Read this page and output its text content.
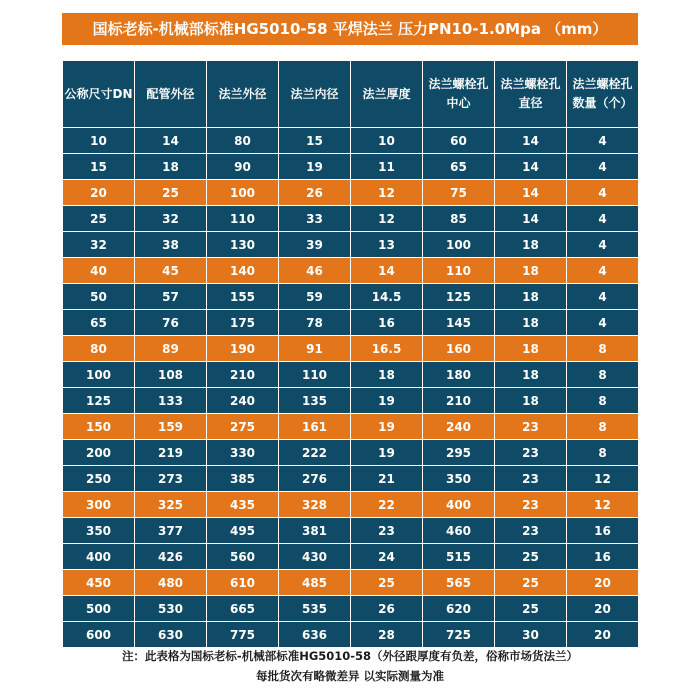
国标老标-机械部标准HG5010-58 平焊法兰 压力PN10-1.0Mpa （mm）
公称尺寸DN	配管外径	法兰外径	法兰内径	法兰厚度	法兰螺栓孔中心	法兰螺栓孔直径	法兰螺栓孔数量（个）
10	14	80	15	10	60	14	4
15	18	90	19	11	65	14	4
20	25	100	26	12	75	14	4
25	32	110	33	12	85	14	4
32	38	130	39	13	100	18	4
40	45	140	46	14	110	18	4
50	57	155	59	14.5	125	18	4
65	76	175	78	16	145	18	4
80	89	190	91	16.5	160	18	8
100	108	210	110	18	180	18	8
125	133	240	135	19	210	18	8
150	159	275	161	19	240	23	8
200	219	330	222	19	295	23	8
250	273	385	276	21	350	23	12
300	325	435	328	22	400	23	12
350	377	495	381	23	460	23	16
400	426	560	430	24	515	25	16
450	480	610	485	25	565	25	20
500	530	665	535	26	620	25	20
600	630	775	636	28	725	30	20
注：此表格为国标老标-机械部标准HG5010-58（外径跟厚度有负差，俗称市场货法兰）
每批货次有略微差异 以实际测量为准
